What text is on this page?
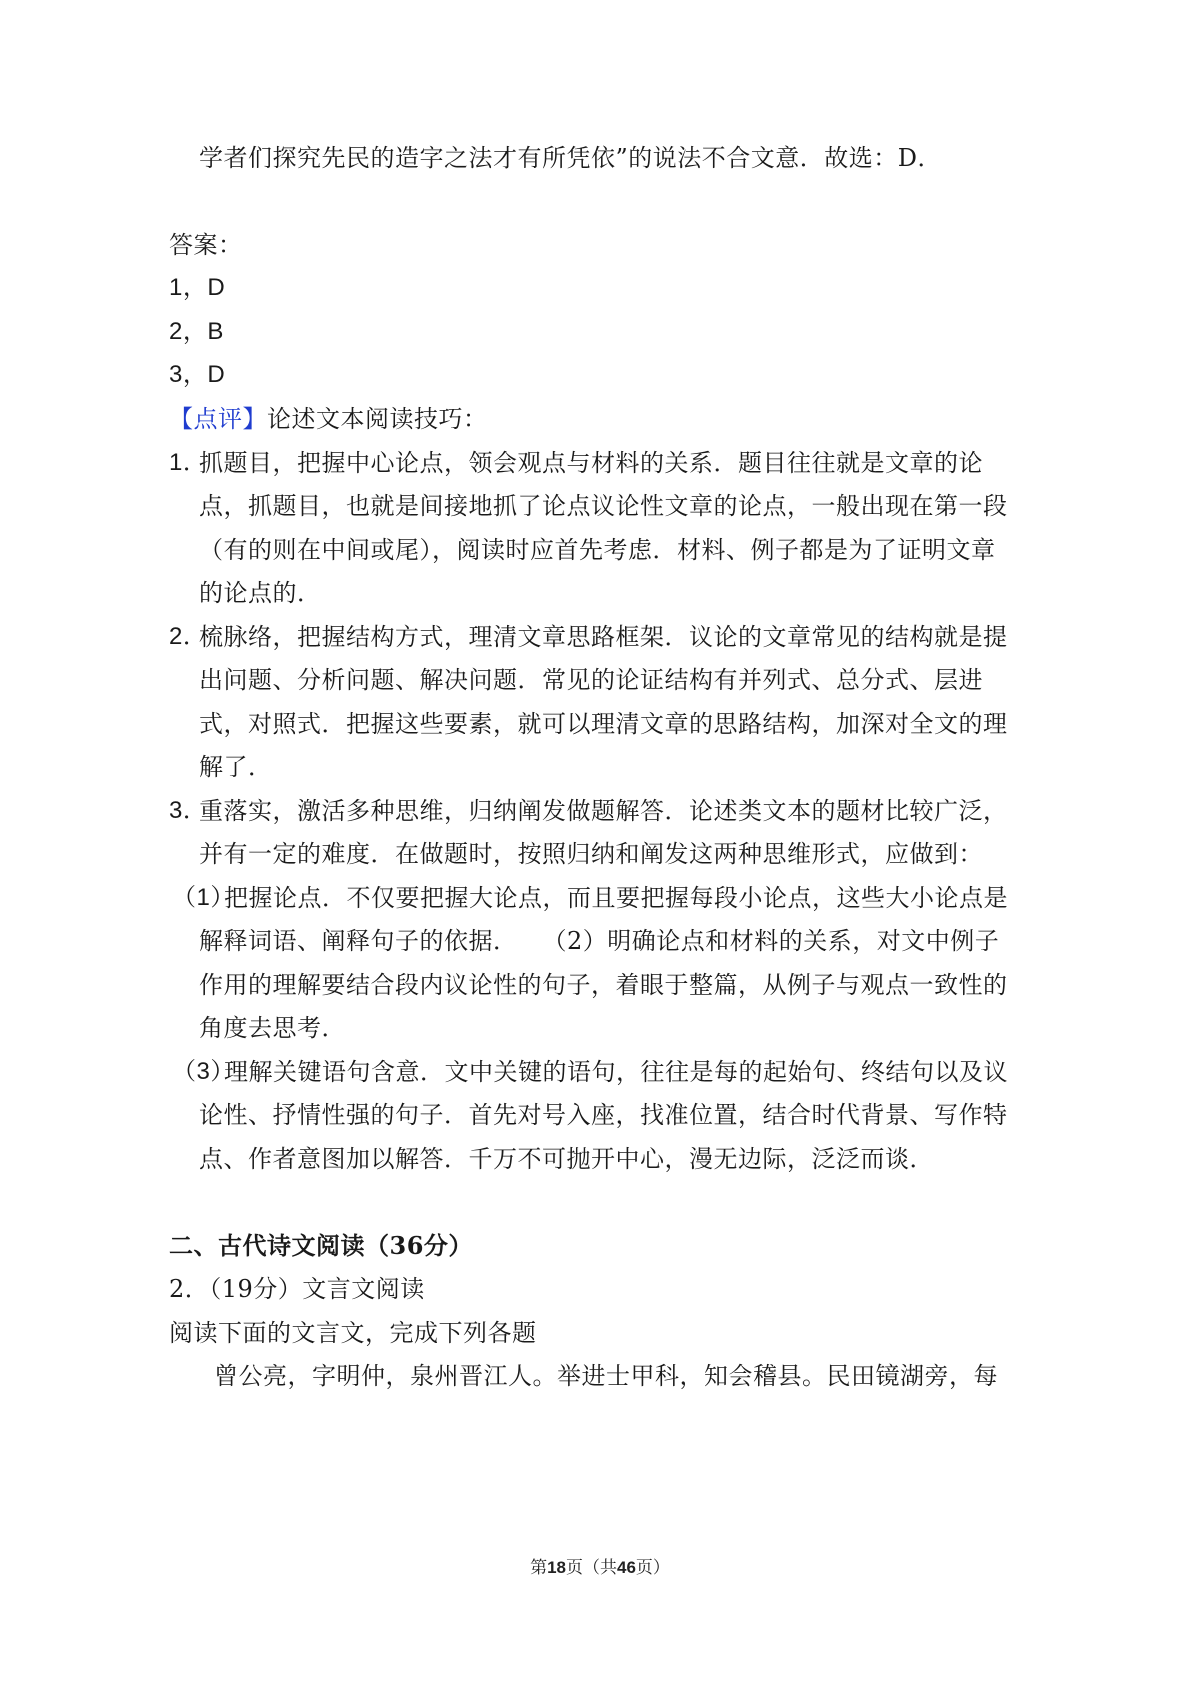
学者们探究先民的造字之法才有所凭依”的说法不合文意．故选：D．
答案：
1，D
2，B
3，D
【点评】论述文本阅读技巧：
1．
抓题目，把握中心论点，领会观点与材料的关系．题目往往就是文章的论
点，抓题目，也就是间接地抓了论点议论性文章的论点，一般出现在第一段
（有的则在中间或尾），阅读时应首先考虑．材料、例子都是为了证明文章
的论点的．
2．
梳脉络，把握结构方式，理清文章思路框架．议论的文章常见的结构就是提
出问题、分析问题、解决问题．常见的论证结构有并列式、总分式、层进
式，对照式．把握这些要素，就可以理清文章的思路结构，加深对全文的理
解了．
3．
重落实，激活多种思维，归纳阐发做题解答．论述类文本的题材比较广泛，
并有一定的难度．在做题时，按照归纳和阐发这两种思维形式，应做到：
（1）
把握论点．不仅要把握大论点，而且要把握每段小论点，这些大小论点是
解释词语、阐释句子的依据．　　（2）明确论点和材料的关系，对文中例子
作用的理解要结合段内议论性的句子，着眼于整篇，从例子与观点一致性的
角度去思考．
（3）
理解关键语句含意．文中关键的语句，往往是每的起始句、终结句以及议
论性、抒情性强的句子．首先对号入座，找准位置，结合时代背景、写作特
点、作者意图加以解答．千万不可抛开中心，漫无边际，泛泛而谈．
二、古代诗文阅读（36分）
2．（19分）文言文阅读
阅读下面的文言文，完成下列各题
曾公亮，字明仲，泉州晋江人。举进士甲科，知会稽县。民田镜湖旁，每
第18页（共46页）
